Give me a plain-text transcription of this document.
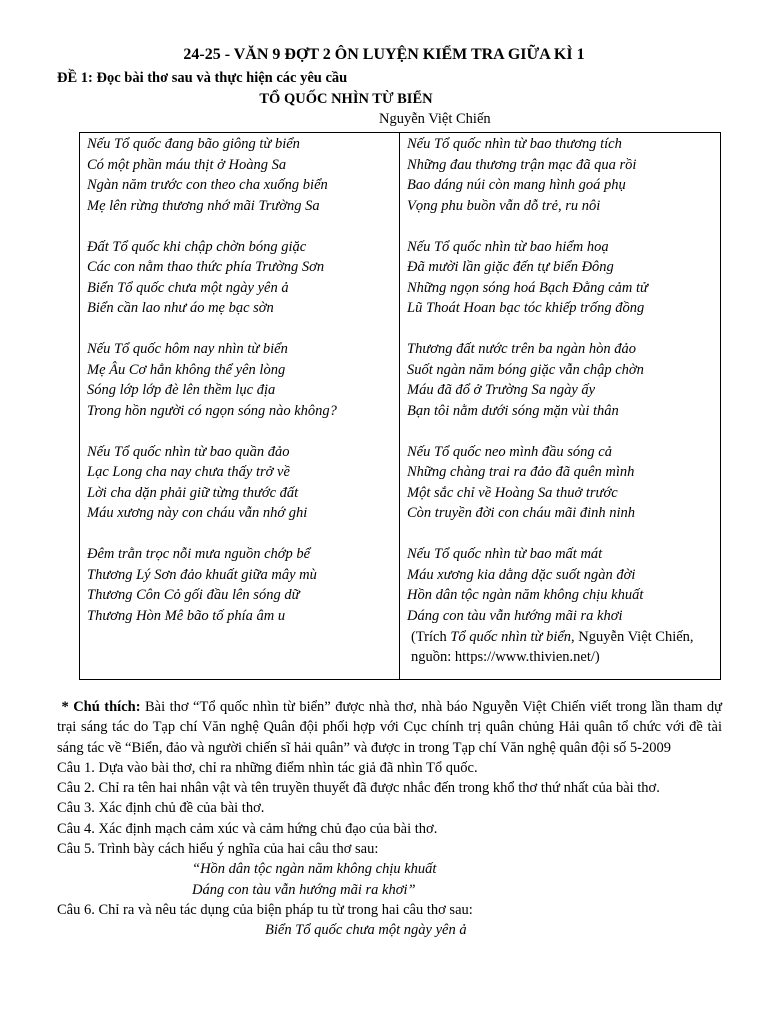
24-25 - VĂN 9 ĐỢT 2 ÔN LUYỆN KIỂM TRA GIỮA KÌ 1
ĐỀ 1: Đọc bài thơ sau và thực hiện các yêu cầu
TỔ QUỐC NHÌN TỪ BIỂN
Nguyễn Việt Chiến
Nếu Tổ quốc đang bão giông từ biển
Có một phần máu thịt ở Hoàng Sa
Ngàn năm trước con theo cha xuống biển
Mẹ lên rừng thương nhớ mãi Trường Sa
Đất Tổ quốc khi chập chờn bóng giặc
Các con nằm thao thức phía Trường Sơn
Biển Tổ quốc chưa một ngày yên ả
Biển cần lao như áo mẹ bạc sờn
Nếu Tổ quốc hôm nay nhìn từ biển
Mẹ Âu Cơ hẳn không thể yên lòng
Sóng lớp lớp đè lên thềm lục địa
Trong hồn người có ngọn sóng nào không?
Nếu Tổ quốc nhìn từ bao quần đảo
Lạc Long cha nay chưa thấy trở về
Lời cha dặn phải giữ từng thước đất
Máu xương này con cháu vẫn nhớ ghi
Đêm trằn trọc nỗi mưa nguồn chớp bể
Thương Lý Sơn đảo khuất giữa mây mù
Thương Côn Cỏ gối đầu lên sóng dữ
Thương Hòn Mê bão tố phía âm u
Nếu Tổ quốc nhìn từ bao thương tích
Những đau thương trận mạc đã qua rồi
Bao dáng núi còn mang hình goá phụ
Vọng phu buồn vẫn dỗ trẻ, ru nôi
Nếu Tổ quốc nhìn từ bao hiểm hoạ
Đã mười lần giặc đến tự biển Đông
Những ngọn sóng hoá Bạch Đằng cảm tử
Lũ Thoát Hoan bạc tóc khiếp trống đồng
Thương đất nước trên ba ngàn hòn đảo
Suốt ngàn năm bóng giặc vẫn chập chờn
Máu đã đổ ở Trường Sa ngày ấy
Bạn tôi nằm dưới sóng mặn vùi thân
Nếu Tổ quốc neo mình đầu sóng cả
Những chàng trai ra đảo đã quên mình
Một sắc chỉ về Hoàng Sa thuở trước
Còn truyền đời con cháu mãi đinh ninh
Nếu Tổ quốc nhìn từ bao mất mát
Máu xương kia dằng dặc suốt ngàn đời
Hồn dân tộc ngàn năm không chịu khuất
Dáng con tàu vẫn hướng mãi ra khơi
(Trích Tổ quốc nhìn từ biển, Nguyễn Việt Chiến, nguồn: https://www.thivien.net/)
* Chú thích: Bài thơ “Tổ quốc nhìn từ biển” được nhà thơ, nhà báo Nguyễn Việt Chiến viết trong lần tham dự trại sáng tác do Tạp chí Văn nghệ Quân đội phối hợp với Cục chính trị quân chủng Hải quân tổ chức với đề tài sáng tác về “Biển, đảo và người chiến sĩ hải quân” và được in trong Tạp chí Văn nghệ quân đội số 5-2009

Câu 1. Dựa vào bài thơ, chỉ ra những điểm nhìn tác giả đã nhìn Tổ quốc.

Câu 2. Chỉ ra tên hai nhân vật và tên truyền thuyết đã được nhắc đến trong khổ thơ thứ nhất của bài thơ.

Câu 3. Xác định chủ đề của bài thơ.

Câu 4. Xác định mạch cảm xúc và cảm hứng chủ đạo của bài thơ.

Câu 5. Trình bày cách hiểu ý nghĩa của hai câu thơ sau:

“Hồn dân tộc ngàn năm không chịu khuất

Dáng con tàu vẫn hướng mãi ra khơi”

Câu 6. Chỉ ra và nêu tác dụng của biện pháp tu từ trong hai câu thơ sau:

Biển Tổ quốc chưa một ngày yên ả
